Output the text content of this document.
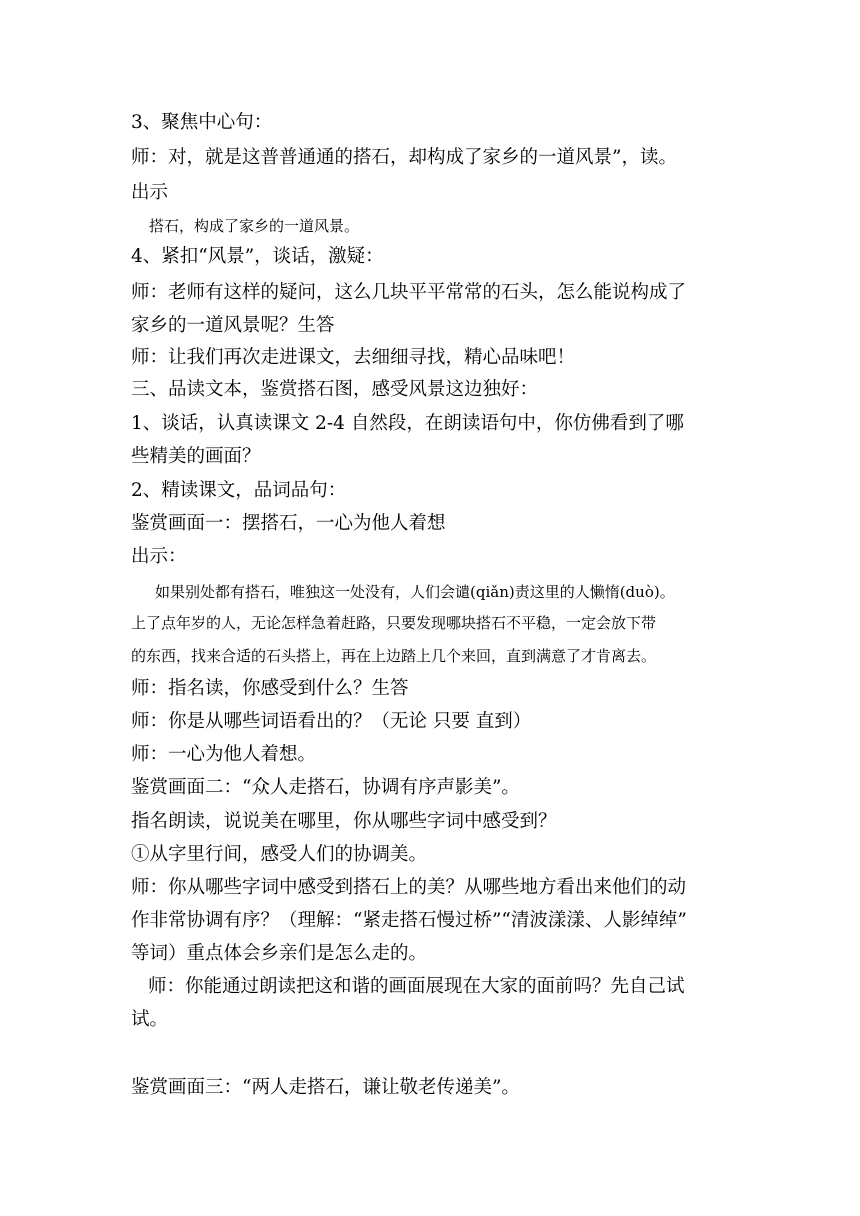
3、聚焦中心句：
师：对，就是这普普通通的搭石，却构成了家乡的一道风景”，读。
出示
搭石，构成了家乡的一道风景。
4、紧扣“风景”，谈话，激疑：
师：老师有这样的疑问，这么几块平平常常的石头，怎么能说构成了
家乡的一道风景呢？生答
师：让我们再次走进课文，去细细寻找，精心品味吧！
三、品读文本，鉴赏搭石图，感受风景这边独好：
1、谈话，认真读课文 2-4 自然段，在朗读语句中，你仿佛看到了哪
些精美的画面？
2、精读课文，品词品句：
鉴赏画面一：摆搭石，一心为他人着想
出示：
如果别处都有搭石，唯独这一处没有，人们会谴(qiǎn)责这里的人懒惰(duò)。
上了点年岁的人，无论怎样急着赶路，只要发现哪块搭石不平稳，一定会放下带
的东西，找来合适的石头搭上，再在上边踏上几个来回，直到满意了才肯离去。
师：指名读，你感受到什么？生答
师：你是从哪些词语看出的？（无论 只要 直到）
师：一心为他人着想。
鉴赏画面二：“众人走搭石，协调有序声影美”。
指名朗读，说说美在哪里，你从哪些字词中感受到？
①从字里行间，感受人们的协调美。
师：你从哪些字词中感受到搭石上的美？从哪些地方看出来他们的动
作非常协调有序？（理解：“紧走搭石慢过桥”“清波漾漾、人影绰绰”
等词）重点体会乡亲们是怎么走的。
师：你能通过朗读把这和谐的画面展现在大家的面前吗？先自己试
试。
鉴赏画面三：“两人走搭石，谦让敬老传递美”。
